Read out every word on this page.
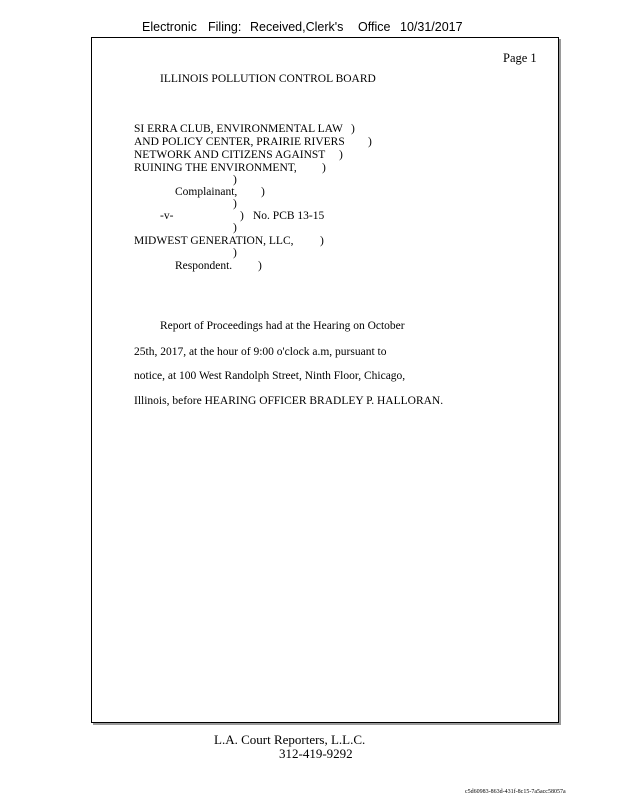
Electronic Filing: Received,Clerk's Office 10/31/2017
Page 1
ILLINOIS POLLUTION CONTROL BOARD
SI ERRA CLUB, ENVIRONMENTAL LAW )
AND POLICY CENTER, PRAIRIE RIVERS )
NETWORK AND CITIZENS AGAINST )
RUINING THE ENVIRONMENT, )
)
Complainant, )
)
-v-	) No. PCB 13-15
)
MIDWEST GENERATION, LLC, )
)
Respondent. )
Report of Proceedings had at the Hearing on October
25th, 2017, at the hour of 9:00 o'clock a.m, pursuant to
notice, at 100 West Randolph Street, Ninth Floor, Chicago,
Illinois, before HEARING OFFICER BRADLEY P. HALLORAN.
L.A. Court Reporters, L.L.C.
312-419-9292
c5d60983-863d-431f-8c15-7a5acc58057a
